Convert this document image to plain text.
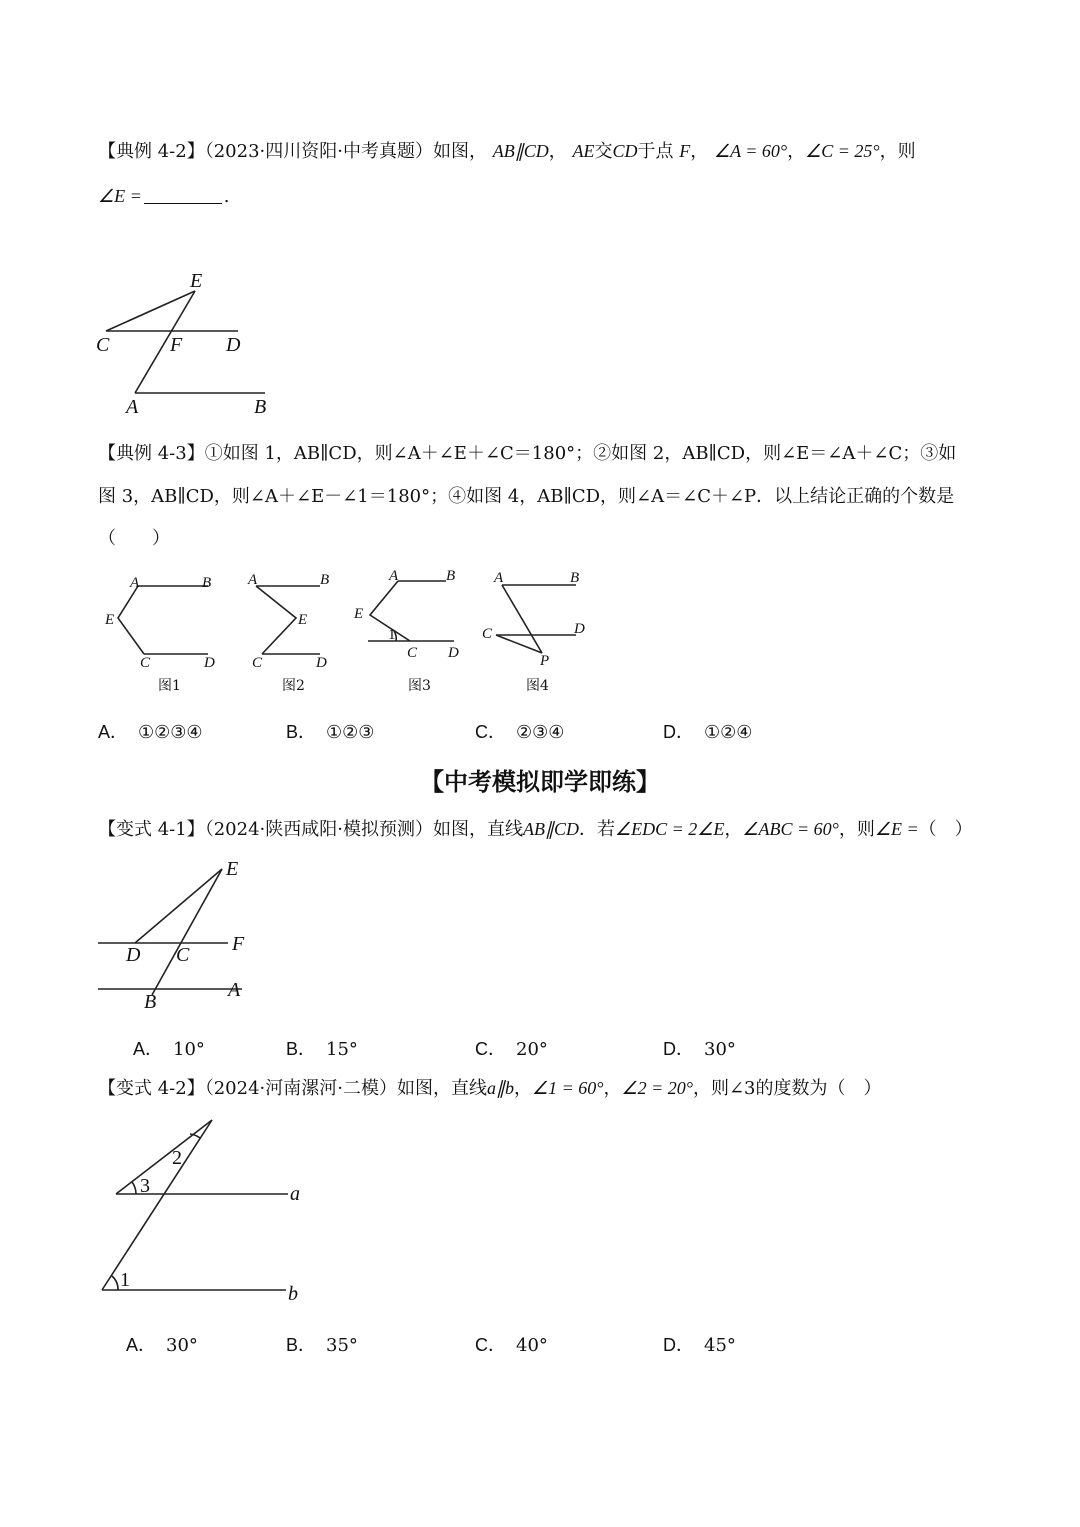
【典例 4-2】（2023·四川资阳·中考真题）如图， AB∥CD， AE交CD于点 F， ∠A = 60°，∠C = 25°，则
∠E =	.
E
C	F D
A	B
【典例 4-3】①如图 1，AB∥CD，则∠A＋∠E＋∠C＝180°；②如图 2，AB∥CD，则∠E＝∠A＋∠C；③如
图 3，AB∥CD，则∠A＋∠E－∠1＝180°；④如图 4，AB∥CD，则∠A＝∠C＋∠P．以上结论正确的个数是
（　　）
A	B
E
C	D
图1
A	B
E
C	D
图2
A	B
E
1
C D
图3
A	B
C	D
P
图4
A． ①②③④	B． ①②③	C． ②③④	D． ①②④
【中考模拟即学即练】
【变式 4-1】（2024·陕西咸阳·模拟预测）如图，直线AB∥CD．若∠EDC = 2∠E，∠ABC = 60°，则∠E =（　）
E
D C F
B
A
A． 10°	B． 15°	C． 20°	D． 30°
【变式 4-2】（2024·河南漯河·二模）如图，直线a∥b，∠1 = 60°，∠2 = 20°，则∠3的度数为（　）
2
3	a
1
b
A． 30°	B． 35°	C． 40°	D． 45°
